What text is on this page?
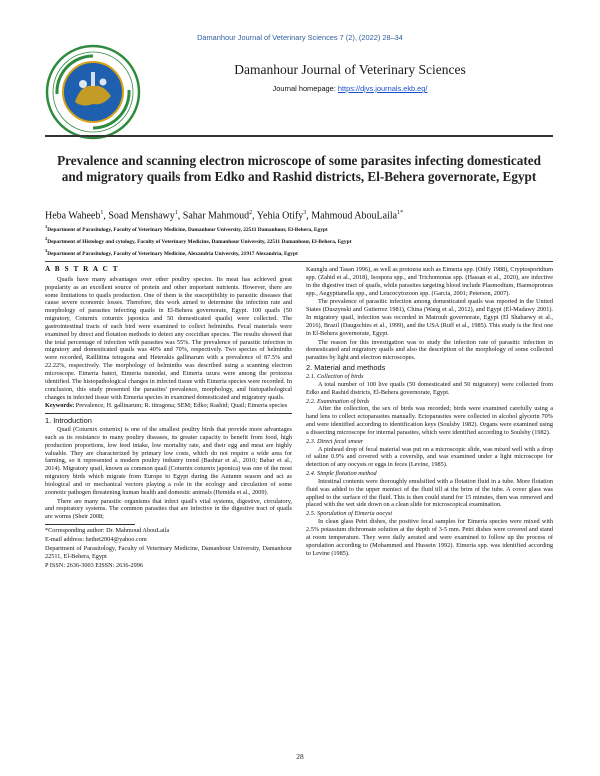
Damanhour Journal of Veterinary Sciences 7 (2), (2022) 28–34
Damanhour Journal of Veterinary Sciences
Journal homepage: https://djvs.journals.ekb.eg/
Prevalence and scanning electron microscope of some parasites infecting domesticated and migratory quails from Edko and Rashid districts, El-Behera governorate, Egypt
Heba Waheeb$^1$, Soad Menshawy$^1$, Sahar Mahmoud$^2$, Yehia Otify$^3$, Mahmoud AbouLaila$^{1*}$
$^1$Department of Parasitology, Faculty of Veterinary Medicine, Damanhour University, 22511 Damanhour, El-Behera, Egypt
$^2$Department of Histology and cytology, Faculty of Veterinary Medicine, Damanhour University, 22511 Damanhour, El-Behera, Egypt
$^3$Department of Parasitology, Faculty of Veterinary Medicine, Alexandria University, 21917 Alexandria, Egypt
A B S T R A C T

Quails have many advantages over other poultry species. Its meat has achieved great popularity as an excellent source of protein and other important nutrients. However, there are some limitations to quails production. One of them is the susceptibility to parasitic diseases that cause severe economic losses. Therefore, this work aimed to determine the infection rate and morphology of parasites infecting quails in El-Behera governorate, Egypt. 100 quails (50 migratory, Coturnix coturnix japonica and 50 domesticated quails) were collected. The gastrointestinal tracts of each bird were examined to collect helminths. Fecal materials were examined by direct and flotation methods to detect any coccidian species. The results showed that the total percentage of infection with parasites was 55%. The prevalence of parasitic infection in migratory and domesticated quails was 40% and 70%, respectively. Two species of helminths were recorded, Raillitina tetragona and Heterakis gallinarum with a prevalence of 87.5% and 22.22%, respectively. The morphology of helminths was described using a scanning electron microscope. Eimeria bateri, Eimeria tsunodai, and Eimeria uzura were among the protozoa identified. The histopathological changes in infected tissue with Eimeria species were recorded. In conclusion, this study presented the parasites' prevalence, morphology, and histopathological changes in infected tissue with Eimeria species in examined domesticated and migratory quails.

Keywords: Prevalence; H. gallinarum; R. titragona; SEM; Edko; Rashid; Quail; Eimeria species

1. Introduction

Quail (Coturnix coturnix) is one of the smallest poultry birds that provide more advantages such as its resistance to many poultry diseases, its greater capacity to benefit from food, high production proportions, low feed intake, low mortality rate, and their egg and meat are highly valuable. They are characterized by primary low costs, which do not require a wide area for farming, so it represented a modern poultry industry trend (Bashtar et al., 2010; Babar et al., 2014). Migratory quail, known as common quail (Coturnix coturnix japonica) was one of the most migratory birds which migrate from Europe to Egypt during the Autumn season and act as biological and or mechanical vectors playing a role in the ecology and circulation of some zoonotic pathogen threatening human health and domestic animals (Hemida et al., 2009).

There are many parasitic organisms that infect quail's vital systems, digestive, circulatory, and respiratory systems. The common parasites that are infective in the digestive tract of quails are worms (Sheir 2008;

*Corresponding author: Dr. Mahmoud AbouLaila

E-mail address: hethet2004@yahoo.com

Department of Parasitology, Faculty of Veterinary Medicine, Damanhour University, Damanhour 22511, El-Behera, Egypt

P ISSN: 2636-3003 EISSN: 2636-2996

Kaunglu and Tasan 1996), as well as protozoa such as Eimeria spp. (Otify 1988), Cryptosporidium spp. (Zahid et al., 2018), Isospora spp., and Trichomonas spp. (Hassan et al., 2020), are infective in the digestive tract of quails, while parasites targeting blood include Plasmodium, Haemoproteus spp., Aegyptianella spp., and Leucocytozoon spp. (Garcia, 2001; Peterson, 2007).

The prevalence of parasitic infection among domesticated quails was reported in the United States (Duszynski and Gutierrez 1981), China (Wang et al., 2012), and Egypt (El-Madawy 2001). In migratory quail, infection was recorded in Matrouh governorate, Egypt (El Shabarwy et al., 2016), Brazil (Daugschies et al., 1999), and the USA (Ruff et al., 1985). This study is the first one in El-Behera governorate, Egypt.

The reason for this investigation was to study the infection rate of parasitic infection in domesticated and migratory quails and also the description of the morphology of some collected parasites by light and electron microscopes.

2. Material and methods
2.1. Collection of birds

A total number of 100 live quails (50 domesticated and 50 migratory) were collected from Edko and Rashid districts, El-Behera governorate, Egypt.

2.2. Examination of birds

After the collection, the sex of birds was recorded; birds were examined carefully using a hand lens to collect ectoparasites manually. Ectoparasites were collected in alcohol glycerin 70% and were identified according to identification keys (Soulsby 1982). Organs were examined using a dissecting microscope for internal parasites, which were identified according to Soulsby (1982).

2.3. Direct fecal smear

A pinhead drop of fecal material was put on a microscopic slide, was mixed well with a drop of saline 0.9% and covered with a coverslip, and was examined under a light microscope for detection of any oocysts or eggs in feces (Levine, 1985).

2.4. Simple flotation method

Intestinal contents were thoroughly emulsified with a flotation fluid in a tube. More flotation fluid was added to the upper menisci of the fluid till at the brim of the tube. A cover glass was applied to the surface of the fluid. This is then could stand for 15 minutes, then was removed and placed with the wet side down on a clean slide for microscopical examination.

2.5. Sporulation of Eimeria oocyst

In clean glass Petri dishes, the positive fecal samples for Eimeria species were mixed with 2.5% potassium dichromate solution at the depth of 3-5 mm. Petri dishes were covered and stand at room temperature. They were daily aerated and were examined to follow up the process of sporulation according to (Mohammed and Hussein 1992). Eimeria spp. was identified according to Levine (1985).

28
